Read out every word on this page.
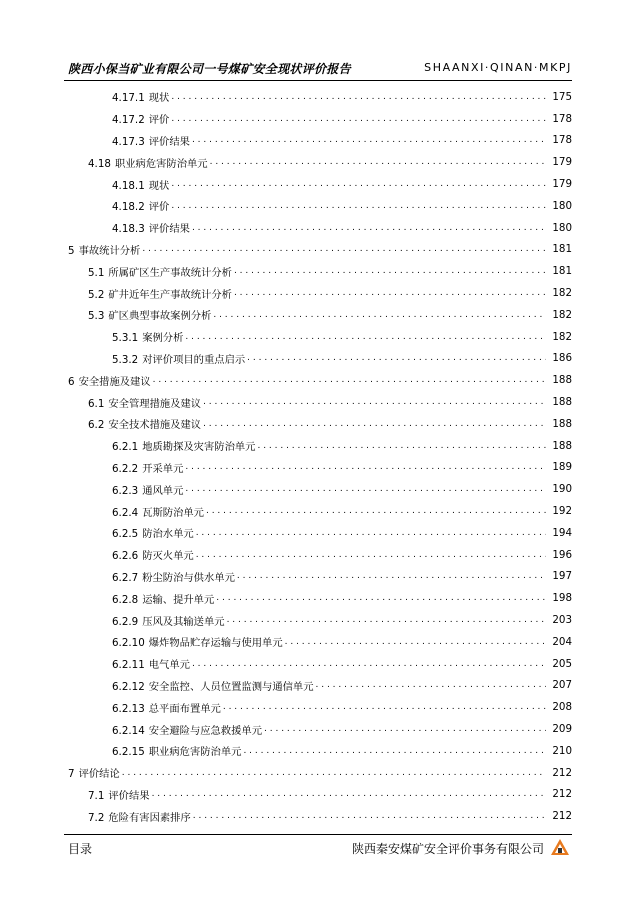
陕西小保当矿业有限公司一号煤矿安全现状评价报告	SHAANXI·QINAN·MKPJ
4.17.1 现状 . . .	175
4.17.2 评价 . . .	178
4.17.3 评价结果 . . .	178
4.18 职业病危害防治单元 . . .	179
4.18.1 现状 . . .	179
4.18.2 评价 . . .	180
4.18.3 评价结果 . . .	180
5 事故统计分析 . . .	181
5.1 所属矿区生产事故统计分析 . . .	181
5.2 矿井近年生产事故统计分析 . . .	182
5.3 矿区典型事故案例分析 . . .	182
5.3.1 案例分析 . . .	182
5.3.2 对评价项目的重点启示 . . .	186
6 安全措施及建议 . . .	188
6.1 安全管理措施及建议 . . .	188
6.2 安全技术措施及建议 . . .	188
6.2.1 地质勘探及灾害防治单元 . . .	188
6.2.2 开采单元 . . .	189
6.2.3 通风单元 . . .	190
6.2.4 瓦斯防治单元 . . .	192
6.2.5 防治水单元 . . .	194
6.2.6 防灭火单元 . . .	196
6.2.7 粉尘防治与供水单元 . . .	197
6.2.8 运输、提升单元 . . .	198
6.2.9 压风及其输送单元 . . .	203
6.2.10 爆炸物品贮存运输与使用单元 . . .	204
6.2.11 电气单元 . . .	205
6.2.12 安全监控、人员位置监测与通信单元 . . .	207
6.2.13 总平面布置单元 . . .	208
6.2.14 安全避险与应急救援单元 . . .	209
6.2.15 职业病危害防治单元 . . .	210
7 评价结论 . . .	212
7.1 评价结果 . . .	212
7.2 危险有害因素排序 . . .	212
目录	陕西秦安煤矿安全评价事务有限公司
